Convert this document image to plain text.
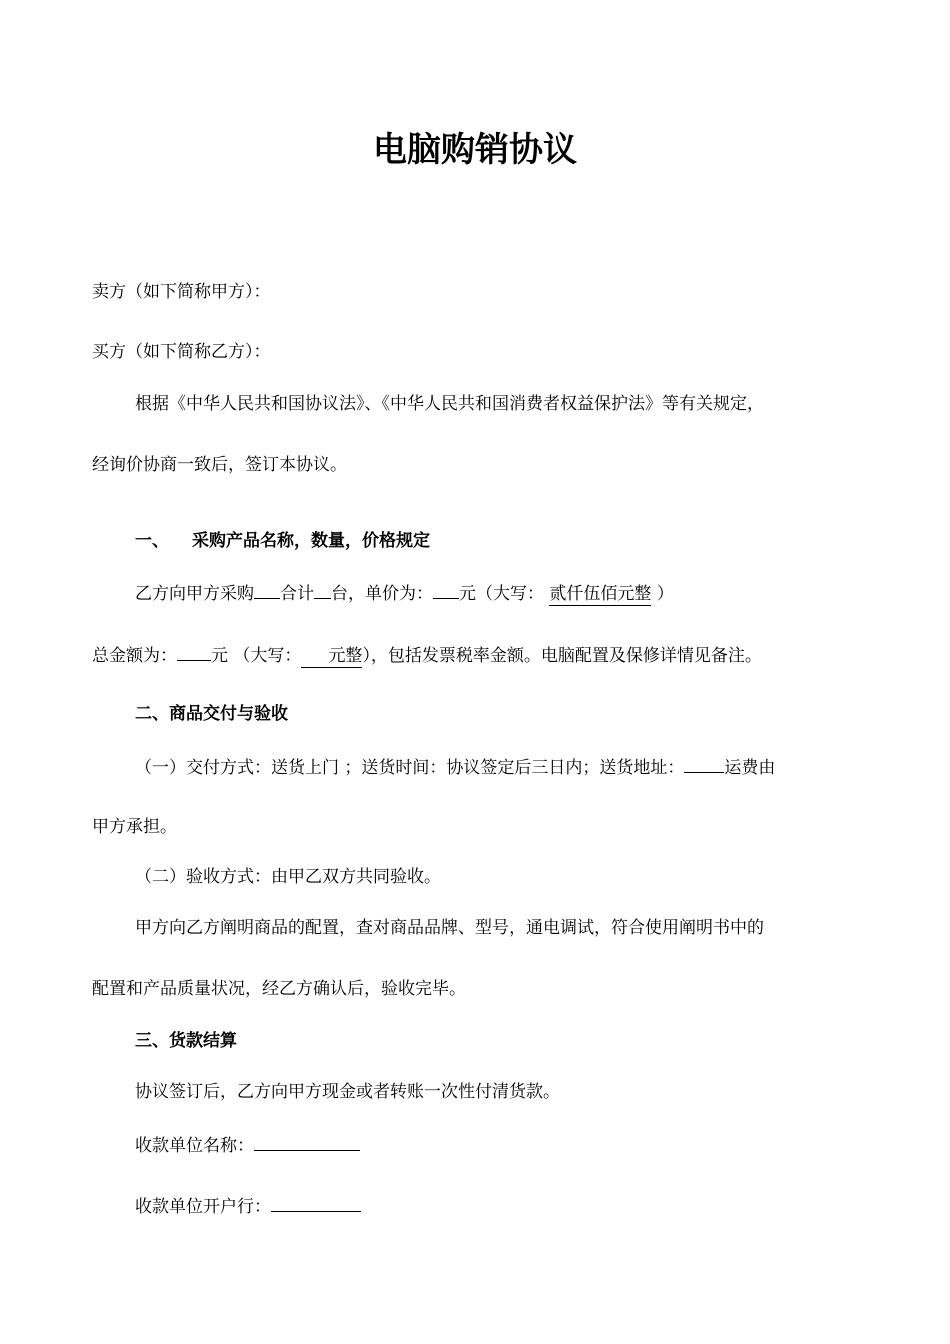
电脑购销协议
卖方（如下简称甲方）：
买方（如下简称乙方）：
根据《中华人民共和国协议法》、《中华人民共和国消费者权益保护法》等有关规定，
经询价协商一致后，签订本协议。
一、 采购产品名称，数量，价格规定
乙方向甲方采购 合计 台，单价为： 元（大写： 贰仟伍佰元整 ）
总金额为： 元 （大写： 元整），包括发票税率金额。电脑配置及保修详情见备注。
二、商品交付与验收
（一）交付方式：送货上门 ；送货时间：协议签定后三日内；送货地址： 运费由
甲方承担。
（二）验收方式：由甲乙双方共同验收。
甲方向乙方阐明商品的配置，查对商品品牌、型号，通电调试，符合使用阐明书中的
配置和产品质量状况，经乙方确认后，验收完毕。
三、货款结算
协议签订后，乙方向甲方现金或者转账一次性付清货款。
收款单位名称：
收款单位开户行：
